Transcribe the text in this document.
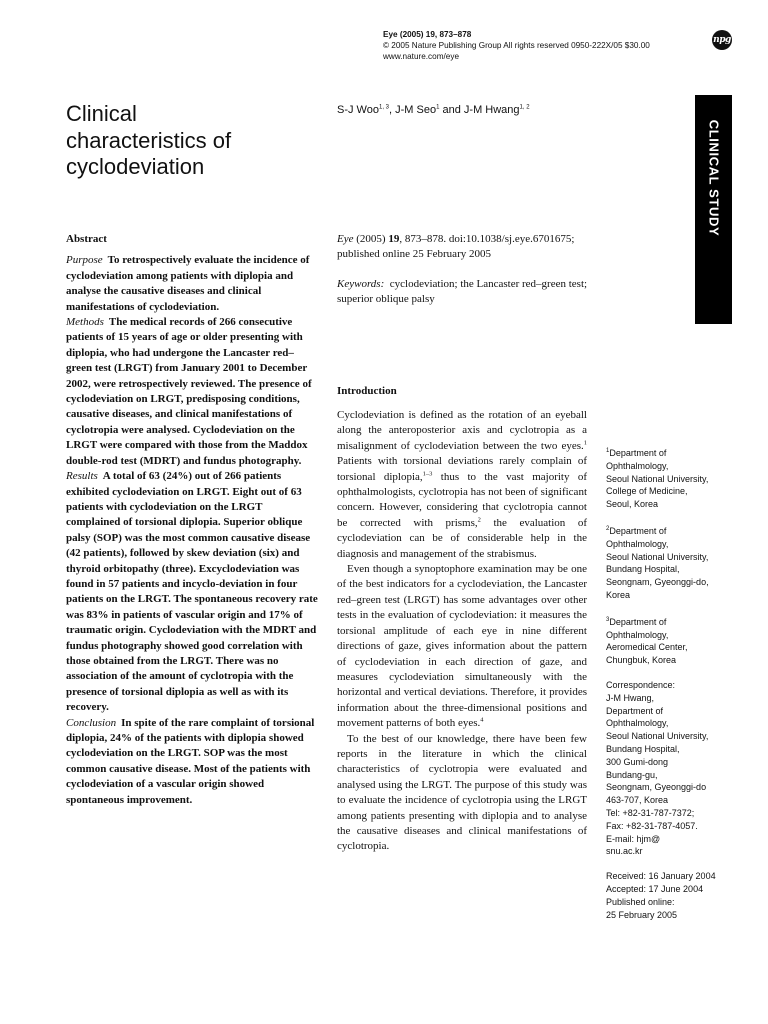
Eye (2005) 19, 873–878
© 2005 Nature Publishing Group All rights reserved 0950-222X/05 $30.00
www.nature.com/eye
npg
Clinical
characteristics of
cyclodeviation
S-J Woo$^{1, 3}$, J-M Seo$^1$ and J-M Hwang$^{1, 2}$
CLINICAL STUDY
Abstract

Purpose To retrospectively evaluate the incidence of cyclodeviation among patients with diplopia and analyse the causative diseases and clinical manifestations of cyclodeviation.

Methods The medical records of 266 consecutive patients of 15 years of age or older presenting with diplopia, who had undergone the Lancaster red–green test (LRGT) from January 2001 to December 2002, were retrospectively reviewed. The presence of cyclodeviation on LRGT, predisposing conditions, causative diseases, and clinical manifestations of cyclotropia were analysed. Cyclodeviation on the LRGT were compared with those from the Maddox double-rod test (MDRT) and fundus photography.

Results A total of 63 (24%) out of 266 patients exhibited cyclodeviation on LRGT. Eight out of 63 patients with cyclodeviation on the LRGT complained of torsional diplopia. Superior oblique palsy (SOP) was the most common causative disease (42 patients), followed by skew deviation (six) and thyroid orbitopathy (three). Excyclodeviation was found in 57 patients and incyclo-deviation in four patients on the LRGT. The spontaneous recovery rate was 83% in patients of vascular origin and 17% of traumatic origin. Cyclodeviation with the MDRT and fundus photography showed good correlation with those obtained from the LRGT. There was no association of the amount of cyclotropia with the presence of torsional diplopia as well as with its recovery.

Conclusion In spite of the rare complaint of torsional diplopia, 24% of the patients with diplopia showed cyclodeviation on the LRGT. SOP was the most common causative disease. Most of the patients with cyclodeviation of a vascular origin showed spontaneous improvement.

Eye (2005) 19, 873–878. doi:10.1038/sj.eye.6701675; published online 25 February 2005
Keywords: cyclodeviation; the Lancaster red–green test; superior oblique palsy
Introduction

Cyclodeviation is defined as the rotation of an eyeball along the anteroposterior axis and cyclotropia as a misalignment of cyclodeviation between the two eyes.$^1$ Patients with torsional deviations rarely complain of torsional diplopia,$^{1-3}$ thus to the vast majority of ophthalmologists, cyclotropia has not been of significant concern. However, considering that cyclotropia cannot be corrected with prisms,$^2$ the evaluation of cyclodeviation can be of considerable help in the diagnosis and management of the strabismus.

Even though a synoptophore examination may be one of the best indicators for a cyclodeviation, the Lancaster red–green test (LRGT) has some advantages over other tests in the evaluation of cyclodeviation: it measures the torsional amplitude of each eye in nine different directions of gaze, gives information about the pattern of cyclodeviation in each direction of gaze, and measures cyclodeviation simultaneously with the horizontal and vertical deviations. Therefore, it provides information about the three-dimensional positions and movement patterns of both eyes.$^4$

To the best of our knowledge, there have been few reports in the literature in which the clinical characteristics of cyclotropia were evaluated and analysed using the LRGT. The purpose of this study was to evaluate the incidence of cyclotropia using the LRGT among patients presenting with diplopia and to analyse the causative diseases and clinical manifestations of cyclotropia.

$^1$Department of
Ophthalmology,
Seoul National University,
College of Medicine,
Seoul, Korea
$^2$Department of
Ophthalmology,
Seoul National University,
Bundang Hospital,
Seongnam, Gyeonggi-do,
Korea
$^3$Department of
Ophthalmology,
Aeromedical Center,
Chungbuk, Korea
Correspondence:
J-M Hwang,
Department of
Ophthalmology,
Seoul National University,
Bundang Hospital,
300 Gumi-dong
Bundang-gu,
Seongnam, Gyeonggi-do
463-707, Korea
Tel: +82-31-787-7372;
Fax: +82-31-787-4057.
E-mail: hjm@
snu.ac.kr
Received: 16 January 2004
Accepted: 17 June 2004
Published online:
25 February 2005
